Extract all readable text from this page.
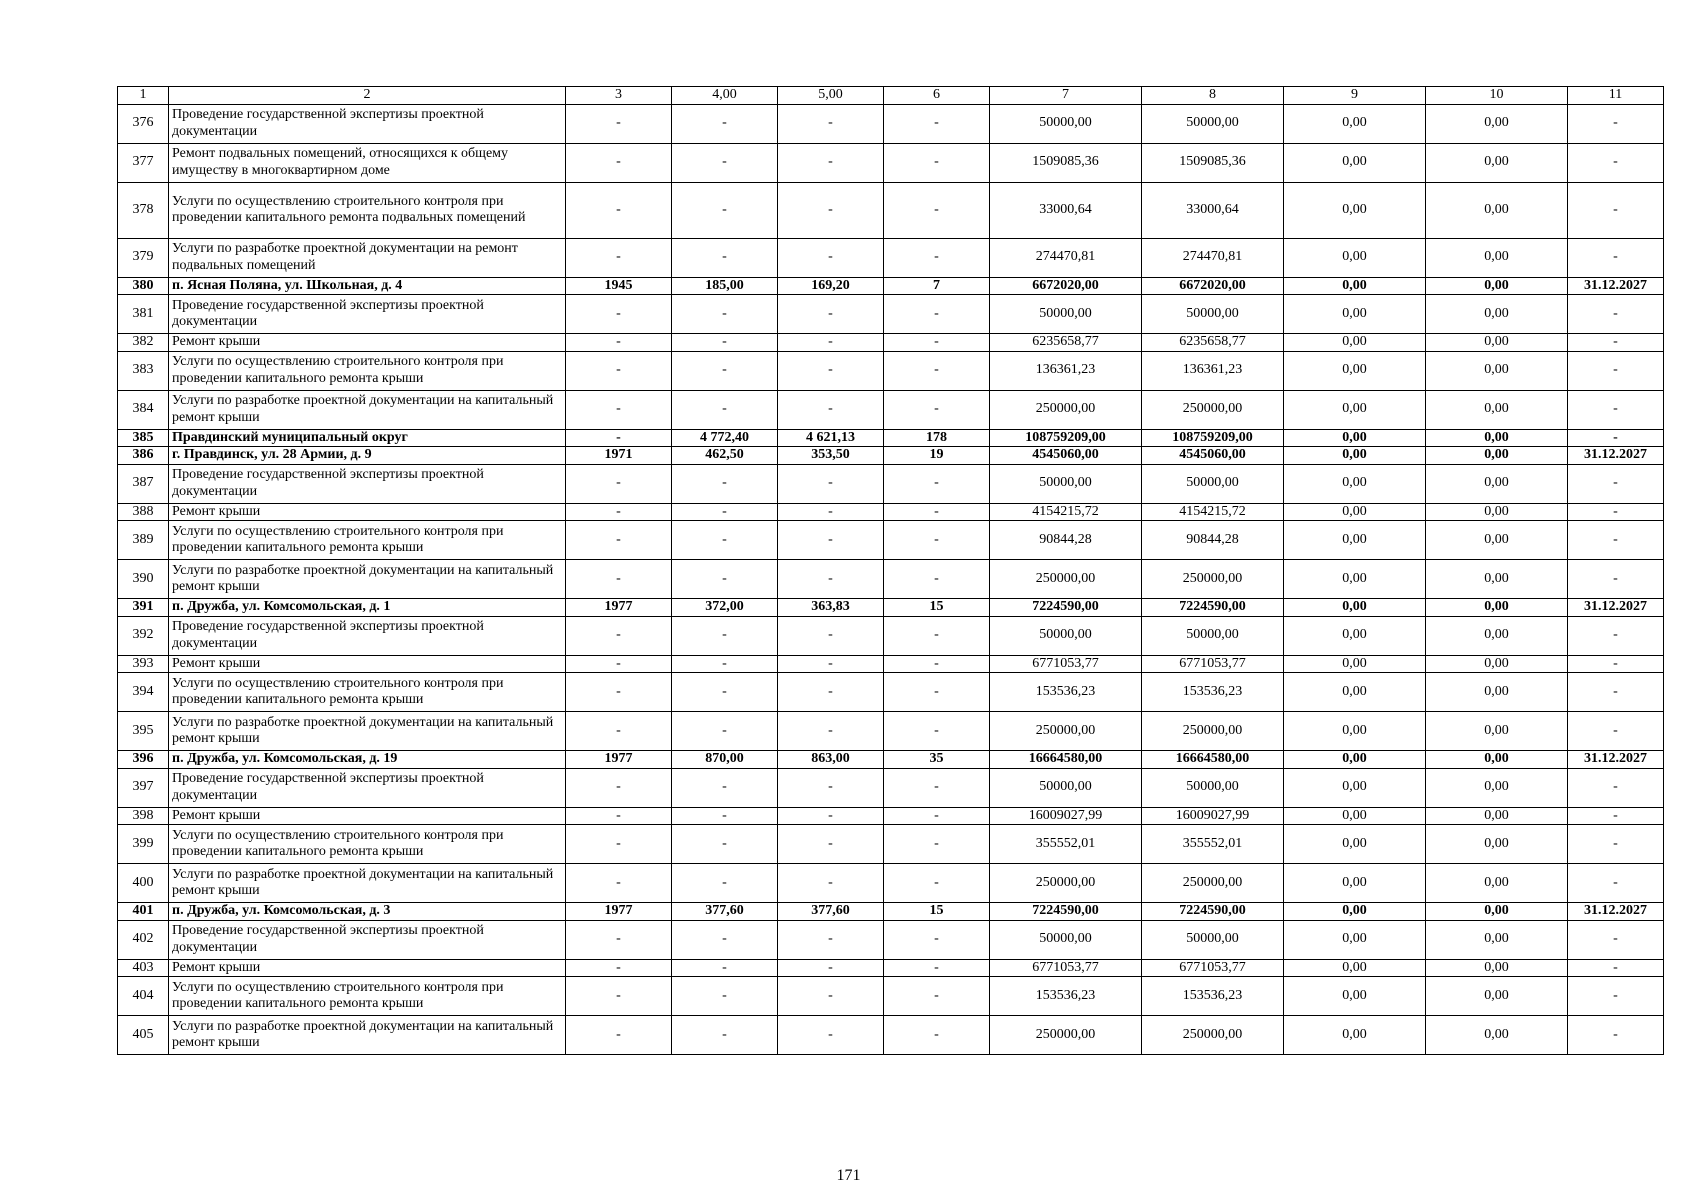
1	2	3	4,00	5,00	6	7	8	9	10	11
376	Проведение государственной экспертизы проектной документации	-	-	-	-	50000,00	50000,00	0,00	0,00	-
377	Ремонт подвальных помещений, относящихся к общему имуществу в многоквартирном доме	-	-	-	-	1509085,36	1509085,36	0,00	0,00	-
378	Услуги по осуществлению строительного контроля при проведении капитального ремонта подвальных помещений	-	-	-	-	33000,64	33000,64	0,00	0,00	-
379	Услуги по разработке проектной документации на ремонт подвальных помещений	-	-	-	-	274470,81	274470,81	0,00	0,00	-
380	п. Ясная Поляна, ул. Школьная, д. 4	1945	185,00	169,20	7	6672020,00	6672020,00	0,00	0,00	31.12.2027
381	Проведение государственной экспертизы проектной документации	-	-	-	-	50000,00	50000,00	0,00	0,00	-
382	Ремонт крыши	-	-	-	-	6235658,77	6235658,77	0,00	0,00	-
383	Услуги по осуществлению строительного контроля при проведении капитального ремонта крыши	-	-	-	-	136361,23	136361,23	0,00	0,00	-
384	Услуги по разработке проектной документации на капитальный ремонт крыши	-	-	-	-	250000,00	250000,00	0,00	0,00	-
385	Правдинский муниципальный округ	-	4 772,40	4 621,13	178	108759209,00	108759209,00	0,00	0,00	-
386	г. Правдинск, ул. 28 Армии, д. 9	1971	462,50	353,50	19	4545060,00	4545060,00	0,00	0,00	31.12.2027
387	Проведение государственной экспертизы проектной документации	-	-	-	-	50000,00	50000,00	0,00	0,00	-
388	Ремонт крыши	-	-	-	-	4154215,72	4154215,72	0,00	0,00	-
389	Услуги по осуществлению строительного контроля при проведении капитального ремонта крыши	-	-	-	-	90844,28	90844,28	0,00	0,00	-
390	Услуги по разработке проектной документации на капитальный ремонт крыши	-	-	-	-	250000,00	250000,00	0,00	0,00	-
391	п. Дружба, ул. Комсомольская, д. 1	1977	372,00	363,83	15	7224590,00	7224590,00	0,00	0,00	31.12.2027
392	Проведение государственной экспертизы проектной документации	-	-	-	-	50000,00	50000,00	0,00	0,00	-
393	Ремонт крыши	-	-	-	-	6771053,77	6771053,77	0,00	0,00	-
394	Услуги по осуществлению строительного контроля при проведении капитального ремонта крыши	-	-	-	-	153536,23	153536,23	0,00	0,00	-
395	Услуги по разработке проектной документации на капитальный ремонт крыши	-	-	-	-	250000,00	250000,00	0,00	0,00	-
396	п. Дружба, ул. Комсомольская, д. 19	1977	870,00	863,00	35	16664580,00	16664580,00	0,00	0,00	31.12.2027
397	Проведение государственной экспертизы проектной документации	-	-	-	-	50000,00	50000,00	0,00	0,00	-
398	Ремонт крыши	-	-	-	-	16009027,99	16009027,99	0,00	0,00	-
399	Услуги по осуществлению строительного контроля при проведении капитального ремонта крыши	-	-	-	-	355552,01	355552,01	0,00	0,00	-
400	Услуги по разработке проектной документации на капитальный ремонт крыши	-	-	-	-	250000,00	250000,00	0,00	0,00	-
401	п. Дружба, ул. Комсомольская, д. 3	1977	377,60	377,60	15	7224590,00	7224590,00	0,00	0,00	31.12.2027
402	Проведение государственной экспертизы проектной документации	-	-	-	-	50000,00	50000,00	0,00	0,00	-
403	Ремонт крыши	-	-	-	-	6771053,77	6771053,77	0,00	0,00	-
404	Услуги по осуществлению строительного контроля при проведении капитального ремонта крыши	-	-	-	-	153536,23	153536,23	0,00	0,00	-
405	Услуги по разработке проектной документации на капитальный ремонт крыши	-	-	-	-	250000,00	250000,00	0,00	0,00	-
171
